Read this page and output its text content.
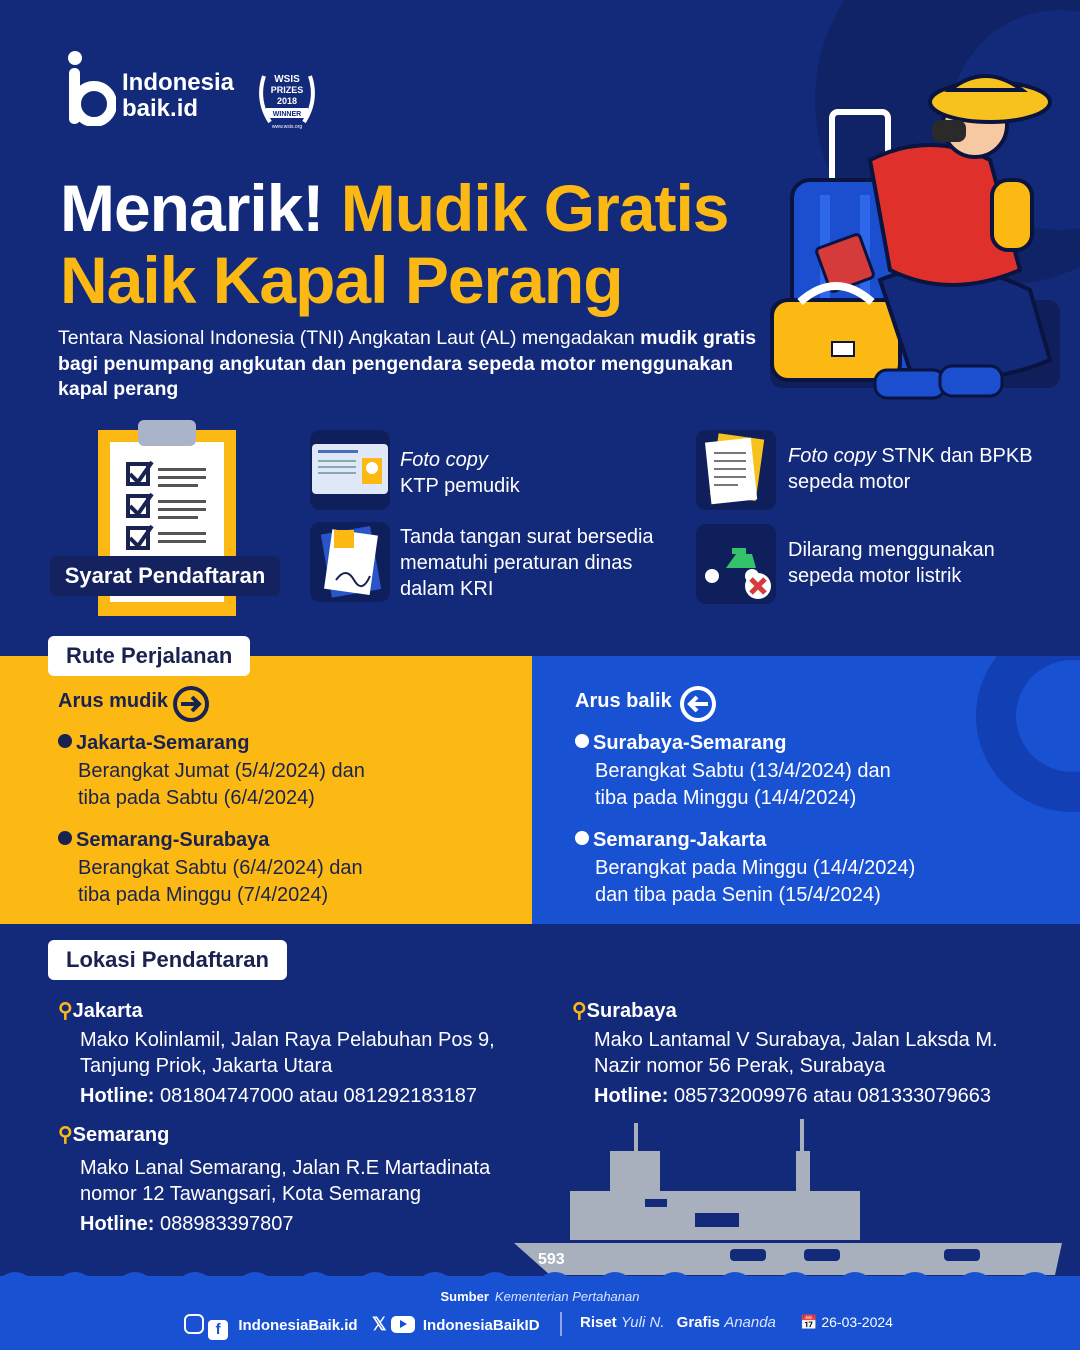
Indonesia
baik.id
WSIS
PRIZES
2018
WINNER
www.wsis.org
Menarik! Mudik Gratis
Naik Kapal Perang
Tentara Nasional Indonesia (TNI) Angkatan Laut (AL) mengadakan mudik gratis bagi penumpang angkutan dan pengendara sepeda motor menggunakan kapal perang
Syarat Pendaftaran
Foto copy
KTP pemudik
Foto copy STNK dan BPKB sepeda motor
Tanda tangan surat bersedia mematuhi peraturan dinas dalam KRI
Dilarang menggunakan sepeda motor listrik
Rute Perjalanan
Arus mudik
Jakarta-Semarang
Berangkat Jumat (5/4/2024) dan
tiba pada Sabtu (6/4/2024)
Semarang-Surabaya
Berangkat Sabtu (6/4/2024) dan
tiba pada Minggu (7/4/2024)
Arus balik
Surabaya-Semarang
Berangkat Sabtu (13/4/2024) dan
tiba pada Minggu (14/4/2024)
Semarang-Jakarta
Berangkat pada Minggu (14/4/2024)
dan tiba pada Senin (15/4/2024)
Lokasi Pendaftaran
⚲Jakarta
Mako Kolinlamil, Jalan Raya Pelabuhan Pos 9,
Tanjung Priok, Jakarta Utara
Hotline: 081804747000 atau 081292183187
⚲Surabaya
Mako Lantamal V Surabaya, Jalan Laksda M.
Nazir nomor 56 Perak, Surabaya
Hotline: 085732009976 atau 081333079663
⚲Semarang
Mako Lanal Semarang, Jalan R.E Martadinata
nomor 12 Tawangsari, Kota Semarang
Hotline: 088983397807
593
Sumber Kementerian Pertahanan
f IndonesiaBaik.id 𝕏 IndonesiaBaikID	Riset Yuli N. Grafis Ananda 📅 26-03-2024
